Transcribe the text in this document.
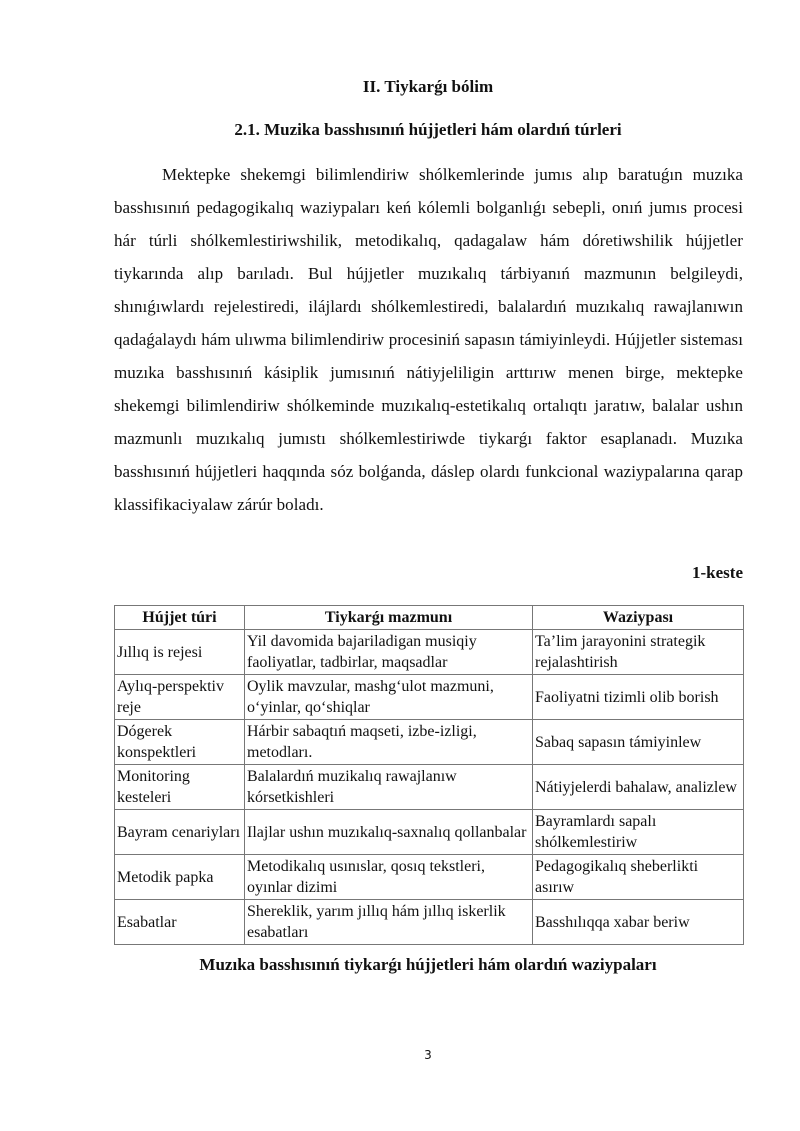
II. Tiykarǵı bólim
2.1. Muzika basshısınıń hújjetleri hám olardıń túrleri

Mektepke shekemgi bilimlendiriw shólkemlerinde jumıs alıp baratuǵın muzıka basshısınıń pedagogikalıq waziypaları keń kólemli bolganlıǵı sebepli, onıń jumıs procesi hár túrli shólkemlestiriwshilik, metodikalıq, qadagalaw hám dóretiwshilik hújjetler tiykarında alıp barıladı. Bul hújjetler muzıkalıq tárbiyanıń mazmunın belgileydi, shınıǵıwlardı rejelestiredi, ilájlardı shólkemlestiredi, balalardıń muzıkalıq rawajlanıwın qadaǵalaydı hám ulıwma bilimlendiriw procesiniń sapasın támiyinleydi. Hújjetler sisteması muzıka basshısınıń kásiplik jumısınıń nátiyjeliligin arttırıw menen birge, mektepke shekemgi bilimlendiriw shólkeminde muzıkalıq-estetikalıq ortalıqtı jaratıw, balalar ushın mazmunlı muzıkalıq jumıstı shólkemlestiriwde tiykarǵı faktor esaplanadı. Muzıka basshısınıń hújjetleri haqqında sóz bolǵanda, dáslep olardı funkcional waziypalarına qarap klassifikaciyalaw zárúr boladı.

1-keste
Hújjet túri	Tiykarǵı mazmunı	Waziypası
Jıllıq is rejesi	Yil davomida bajariladigan musiqiy faoliyatlar, tadbirlar, maqsadlar	Ta’lim jarayonini strategik rejalashtirish
Aylıq-perspektiv reje	Oylik mavzular, mashg‘ulot mazmuni, o‘yinlar, qo‘shiqlar	Faoliyatni tizimli olib borish
Dógerek konspektleri	Hárbir sabaqtıń maqseti, izbe-izligi, metodları.	Sabaq sapasın támiyinlew
Monitoring kesteleri	Balalardıń muzikalıq rawajlanıw kórsetkishleri	Nátiyjelerdi bahalaw, analizlew
Bayram cenariyları	Ilajlar ushın muzıkalıq-saxnalıq qollanbalar	Bayramlardı sapalı shólkemlestiriw
Metodik papka	Metodikalıq usınıslar, qosıq tekstleri, oyınlar dizimi	Pedagogikalıq sheberlikti asırıw
Esabatlar	Shereklik, yarım jıllıq hám jıllıq iskerlik esabatları	Basshılıqqa xabar beriw
Muzıka basshısınıń tiykarǵı hújjetleri hám olardıń waziypaları
3
